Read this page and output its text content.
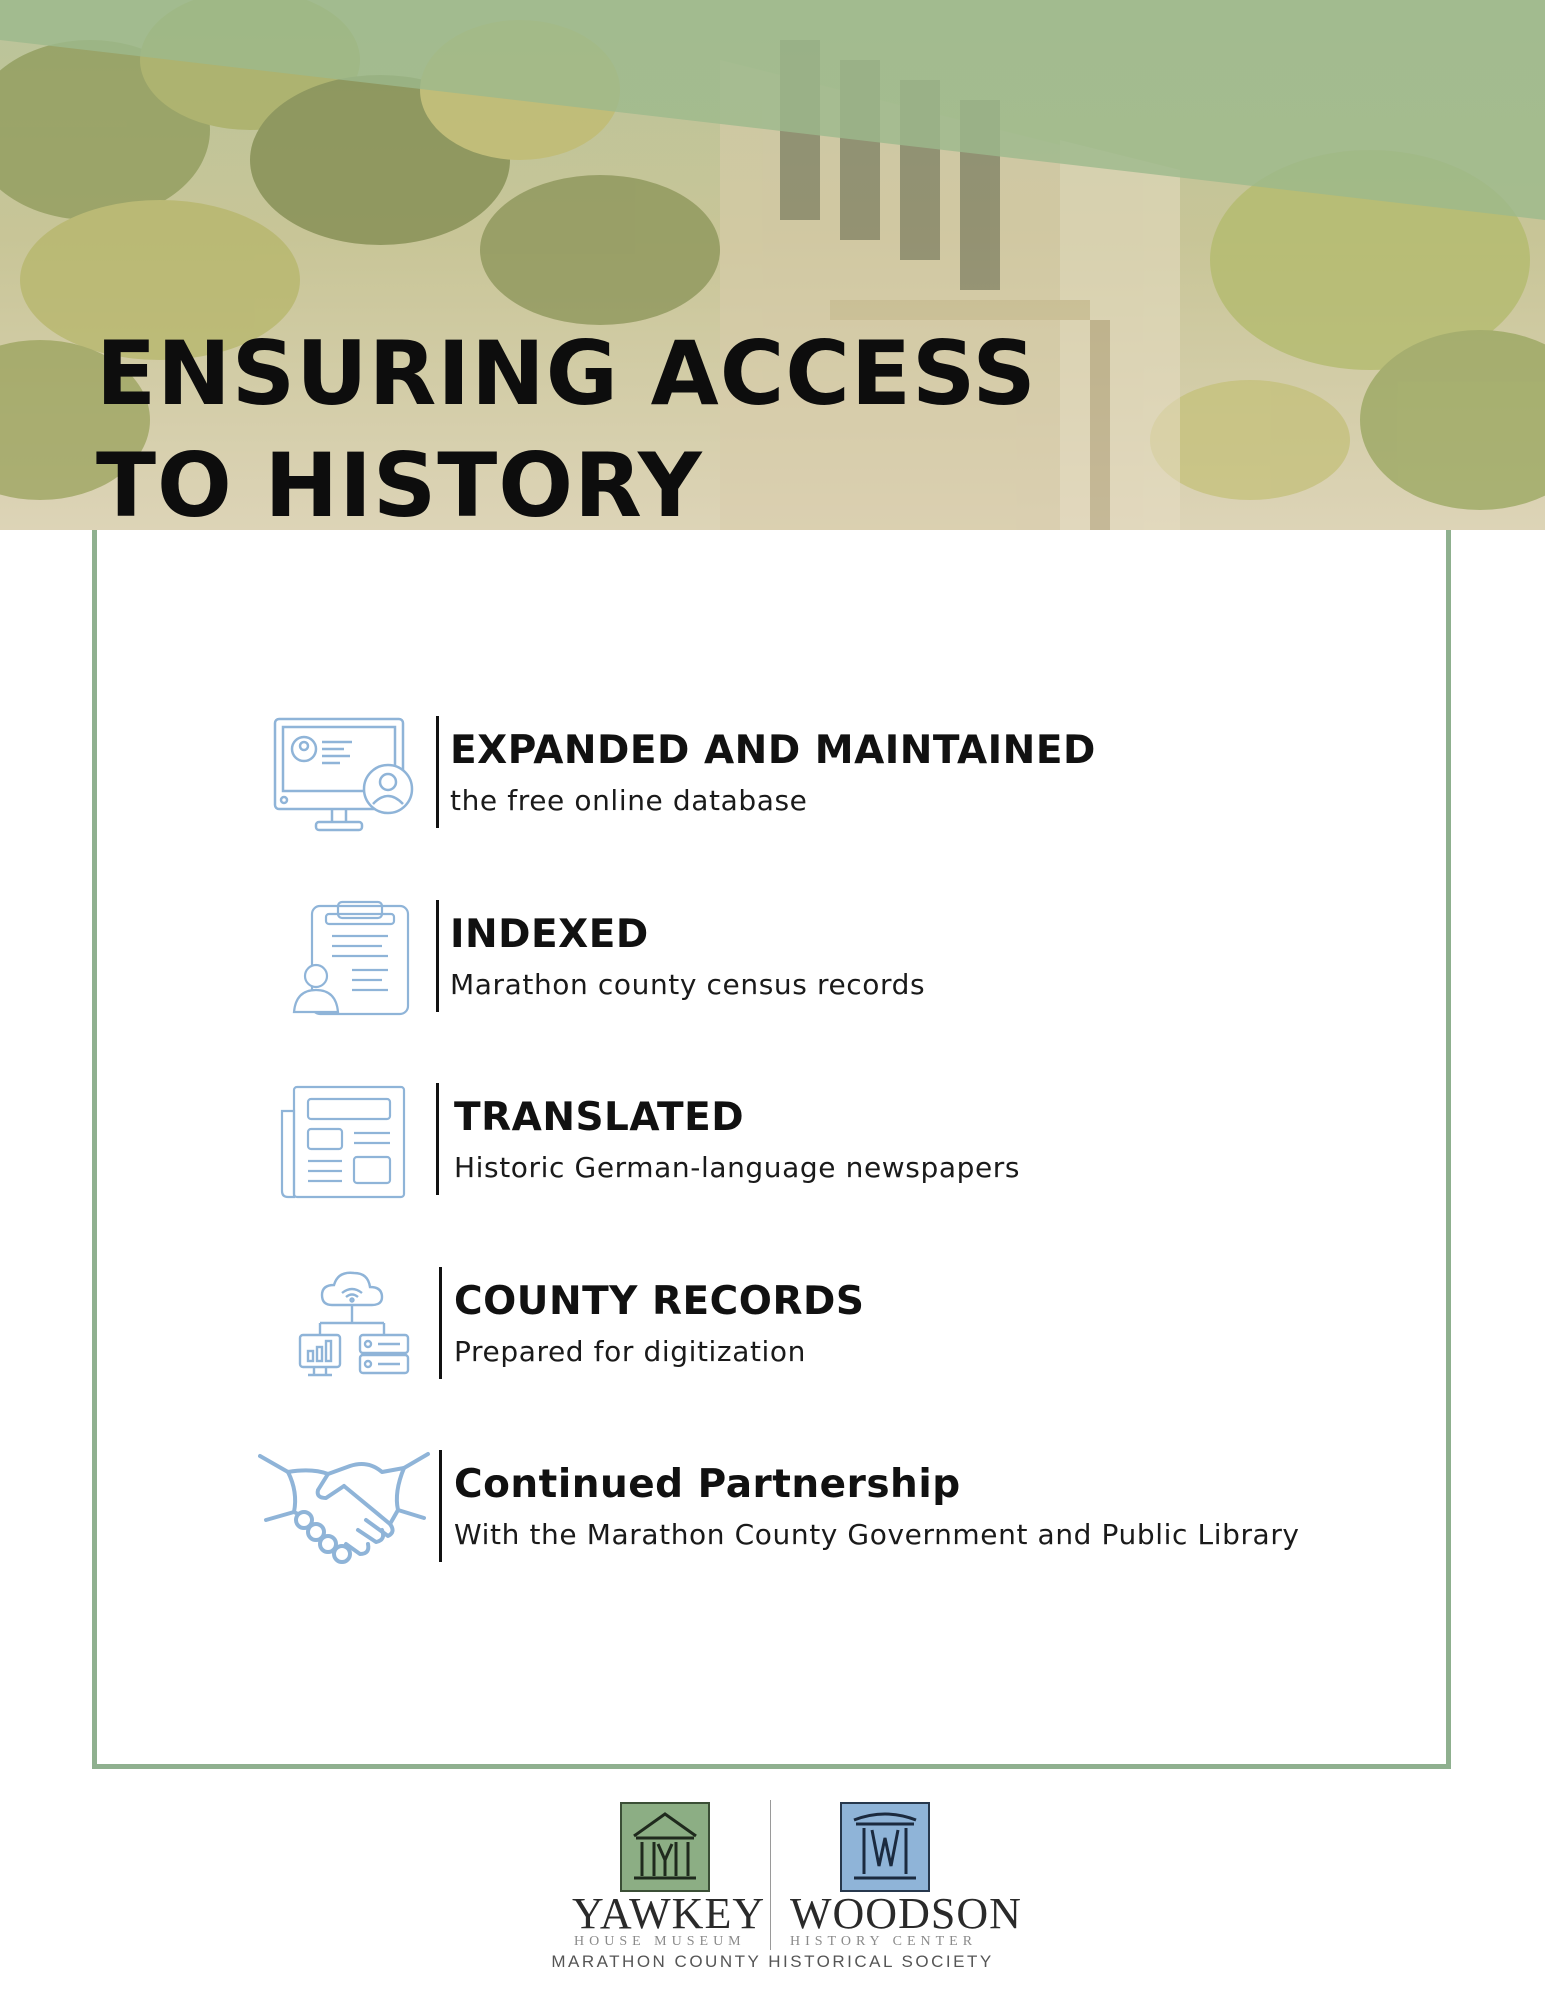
ENSURING ACCESS
TO HISTORY
EXPANDED AND MAINTAINED
the free online database
INDEXED
Marathon county census records
TRANSLATED
Historic German-language newspapers
COUNTY RECORDS
Prepared for digitization
Continued Partnership
With the Marathon County Government and Public Library
YAWKEY
HOUSE MUSEUM
WOODSON
HISTORY CENTER
MARATHON COUNTY HISTORICAL SOCIETY
